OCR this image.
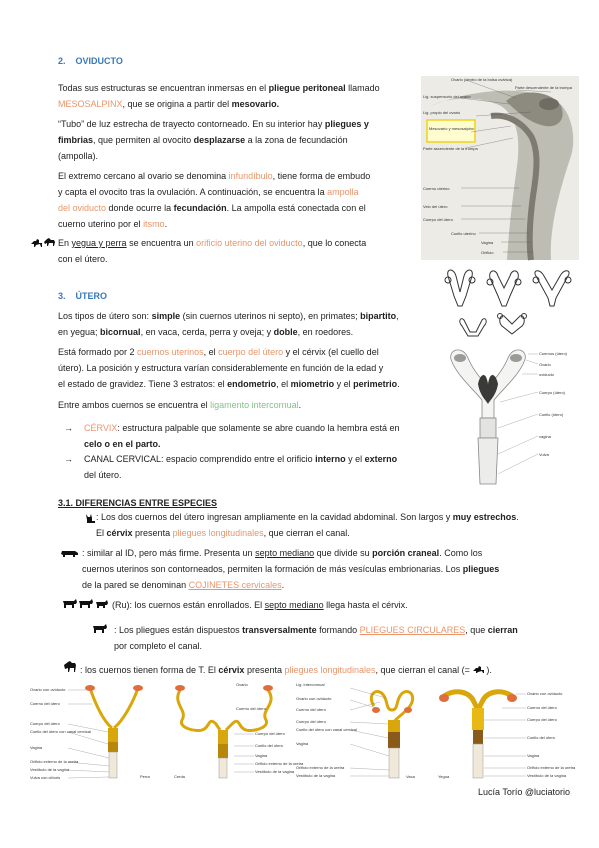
2. OVIDUCTO
Todas sus estructuras se encuentran inmersas en el pliegue peritoneal llamado
MESOSALPINX, que se origina a partir del mesovario.
“Tubo” de luz estrecha de trayecto contorneado. En su interior hay pliegues y
fimbrias, que permiten al ovocito desplazarse a la zona de fecundación
(ampolla).
El extremo cercano al ovario se denomina infundíbulo, tiene forma de embudo
y capta el ovocito tras la ovulación. A continuación, se encuentra la ampolla
del oviducto donde ocurre la fecundación. La ampolla está conectada con el
cuerno uterino por el itsmo.
En yegua y perra se encuentra un orificio uterino del oviducto, que lo conecta
con el útero.
Ovario (dentro de la bolsa ovárica)
Lig. suspensorio del ovario
Parte descendente de la trompa
Lig. propio del ovario
Mesovario y mesosalpinx
Parte ascendente de la trompa
Cuerno uterino
Velo del útero
Cuerpo del útero
Cuello uterino
Vagina
Orificio
3. ÚTERO
Los tipos de útero son: simple (sin cuernos uterinos ni septo), en primates; bipartito,
en yegua; bicornual, en vaca, cerda, perra y oveja; y doble, en roedores.
Está formado por 2 cuernos uterinos, el cuerpo del útero y el cérvix (el cuello del
útero). La posición y estructura varían considerablemente en función de la edad y
el estado de gravidez. Tiene 3 estratos: el endometrio, el miometrio y el perimetrio.
Entre ambos cuernos se encuentra el ligamento intercornual.
→	CÉRVIX: estructura palpable que solamente se abre cuando la hembra está en
celo o en el parto.
→	CANAL CERVICAL: espacio comprendido entre el orificio interno y el externo
del útero.
Cuernos (útero)
Ovario
oviducto
Cuerpo (útero)
Cuello (útero)
vagina
Vulva
3.1. DIFERENCIAS ENTRE ESPECIES
: Los dos cuernos del útero ingresan ampliamente en la cavidad abdominal. Son largos y muy estrechos.
El cérvix presenta pliegues longitudinales, que cierran el canal.
: similar al ID, pero más firme. Presenta un septo mediano que divide su porción craneal. Como los
cuernos uterinos son contorneados, permiten la formación de más vesículas embrionarias. Los pliegues
de la pared se denominan COJINETES cervicales.
(Ru): los cuernos están enrollados. El septo mediano llega hasta el cérvix.
: Los pliegues están dispuestos transversalmente formando PLIEGUES CIRCULARES, que cierran
por completo el canal.
: los cuernos tienen forma de T. El cérvix presenta pliegues longitudinales, que cierran el canal (= ).
Ovario con oviducto
Cuerno del útero
Cuerpo del útero
Cuello del útero con canal cervical
Vagina
Orificio externo de la uretra
Vestíbulo de la vagina
Vulva con clítoris	Perra
Ovario
Cuerno del útero
Cuerpo del útero
Cuello del útero
Vagina
Orificio externo de la uretra
Vestíbulo de la vagina
Cerda
Lig. intercornual
Ovario con oviducto
Cuerno del útero
Cuerpo del útero
Cuello del útero con canal cervical
Vagina
Orificio externo de la uretra
Vestíbulo de la vagina	Vaca
Ovario con oviducto
Cuerno del útero
Cuerpo del útero
Cuello del útero
Vagina
Orificio externo de la uretra
Vestíbulo de la vagina
Yegua
Lucía Torío @luciatorio
